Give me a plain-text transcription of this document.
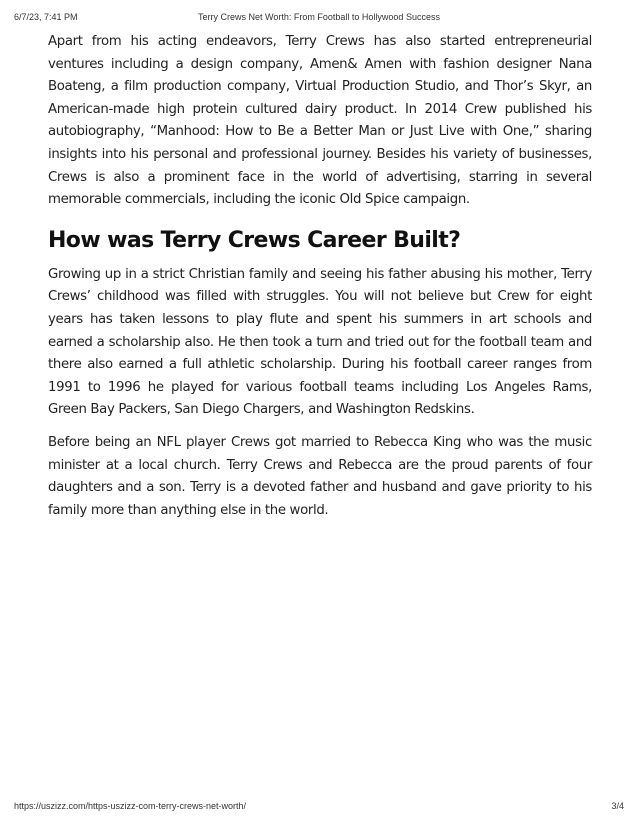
6/7/23, 7:41 PM	Terry Crews Net Worth: From Football to Hollywood Success

Apart from his acting endeavors, Terry Crews has also started entrepreneurial ventures including a design company, Amen& Amen with fashion designer Nana Boateng, a film production company, Virtual Production Studio, and Thor’s Skyr, an American-made high protein cultured dairy product. In 2014 Crew published his autobiography, “Manhood: How to Be a Better Man or Just Live with One,” sharing insights into his personal and professional journey. Besides his variety of businesses, Crews is also a prominent face in the world of advertising, starring in several memorable commercials, including the iconic Old Spice campaign.

How was Terry Crews Career Built?

Growing up in a strict Christian family and seeing his father abusing his mother, Terry Crews’ childhood was filled with struggles. You will not believe but Crew for eight years has taken lessons to play flute and spent his summers in art schools and earned a scholarship also. He then took a turn and tried out for the football team and there also earned a full athletic scholarship. During his football career ranges from 1991 to 1996 he played for various football teams including Los Angeles Rams, Green Bay Packers, San Diego Chargers, and Washington Redskins.

Before being an NFL player Crews got married to Rebecca King who was the music minister at a local church. Terry Crews and Rebecca are the proud parents of four daughters and a son. Terry is a devoted father and husband and gave priority to his family more than anything else in the world.

https://uszizz.com/https-uszizz-com-terry-crews-net-worth/	3/4
